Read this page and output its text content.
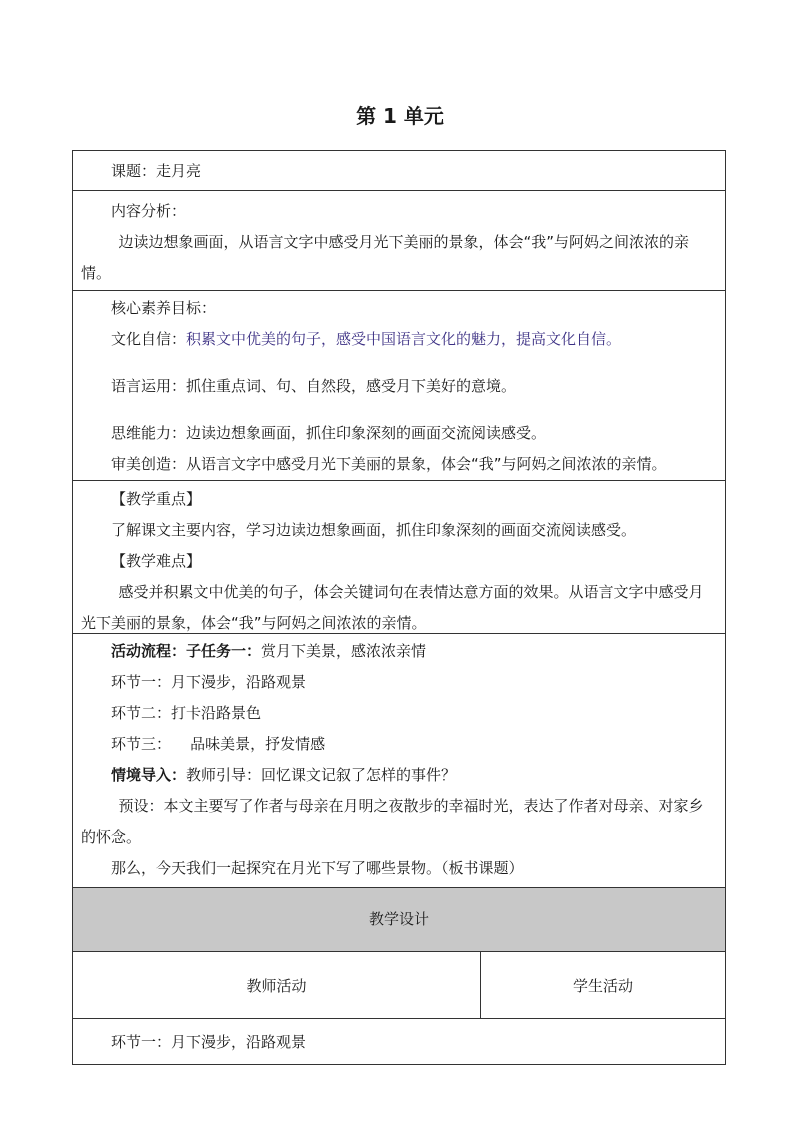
第 1 单元
课题：走月亮
内容分析：

边读边想象画面，从语言文字中感受月光下美丽的景象，体会“我”与阿妈之间浓浓的亲情。

核心素养目标：
文化自信：积累文中优美的句子，感受中国语言文化的魅力，提高文化自信。
语言运用：抓住重点词、句、自然段，感受月下美好的意境。
思维能力：边读边想象画面，抓住印象深刻的画面交流阅读感受。
审美创造：从语言文字中感受月光下美丽的景象，体会“我”与阿妈之间浓浓的亲情。
【教学重点】
了解课文主要内容，学习边读边想象画面，抓住印象深刻的画面交流阅读感受。
【教学难点】

感受并积累文中优美的句子，体会关键词句在表情达意方面的效果。从语言文字中感受月光下美丽的景象，体会“我”与阿妈之间浓浓的亲情。

活动流程：子任务一：赏月下美景，感浓浓亲情
环节一：月下漫步，沿路观景
环节二：打卡沿路景色
环节三：    品味美景，抒发情感
情境导入：教师引导：回忆课文记叙了怎样的事件？

预设：本文主要写了作者与母亲在月明之夜散步的幸福时光，表达了作者对母亲、对家乡的怀念。

那么，今天我们一起探究在月光下写了哪些景物。（板书课题）
教学设计
教师活动	学生活动
环节一：月下漫步，沿路观景
